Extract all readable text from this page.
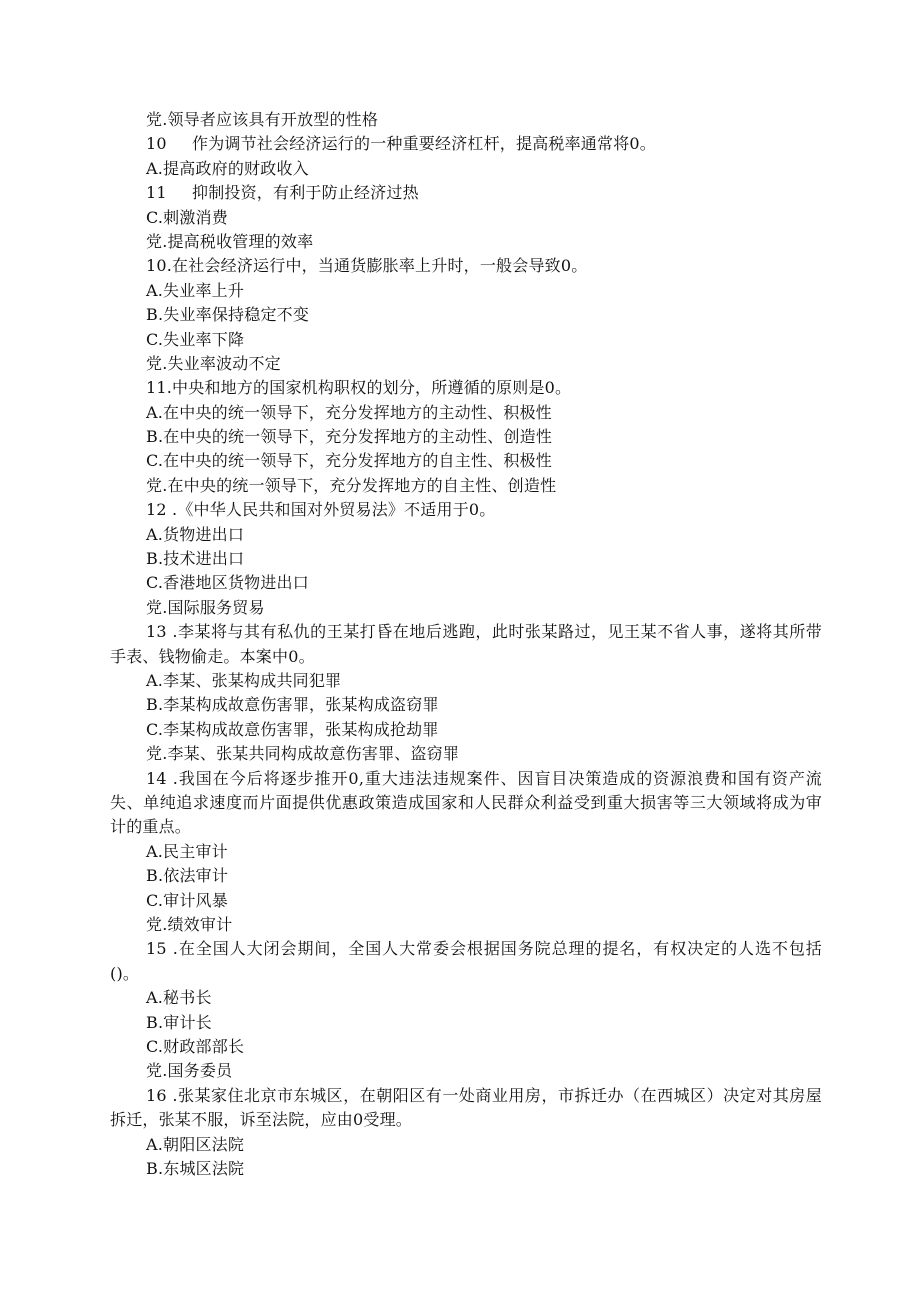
党.领导者应该具有开放型的性格
10 作为调节社会经济运行的一种重要经济杠杆，提高税率通常将0。
A.提高政府的财政收入
11 抑制投资，有利于防止经济过热
C.刺激消费
党.提高税收管理的效率
10.在社会经济运行中，当通货膨胀率上升时，一般会导致0。
A.失业率上升
B.失业率保持稳定不变
C.失业率下降
党.失业率波动不定
11.中央和地方的国家机构职权的划分，所遵循的原则是0。
A.在中央的统一领导下，充分发挥地方的主动性、积极性
B.在中央的统一领导下，充分发挥地方的主动性、创造性
C.在中央的统一领导下，充分发挥地方的自主性、积极性
党.在中央的统一领导下，充分发挥地方的自主性、创造性
12 .《中华人民共和国对外贸易法》不适用于0。
A.货物进出口
B.技术进出口
C.香港地区货物进出口
党.国际服务贸易
13 .李某将与其有私仇的王某打昏在地后逃跑，此时张某路过，见王某不省人事，遂将其所带手表、钱物偷走。本案中0。
A.李某、张某构成共同犯罪
B.李某构成故意伤害罪，张某构成盗窃罪
C.李某构成故意伤害罪，张某构成抢劫罪
党.李某、张某共同构成故意伤害罪、盗窃罪
14 .我国在今后将逐步推开0,重大违法违规案件、因盲目决策造成的资源浪费和国有资产流失、单纯追求速度而片面提供优惠政策造成国家和人民群众利益受到重大损害等三大领域将成为审计的重点。
A.民主审计
B.依法审计
C.审计风暴
党.绩效审计
15 .在全国人大闭会期间，全国人大常委会根据国务院总理的提名，有权决定的人选不包括()。
A.秘书长
B.审计长
C.财政部部长
党.国务委员
16 .张某家住北京市东城区，在朝阳区有一处商业用房，市拆迁办（在西城区）决定对其房屋拆迁，张某不服，诉至法院，应由0受理。
A.朝阳区法院
B.东城区法院
